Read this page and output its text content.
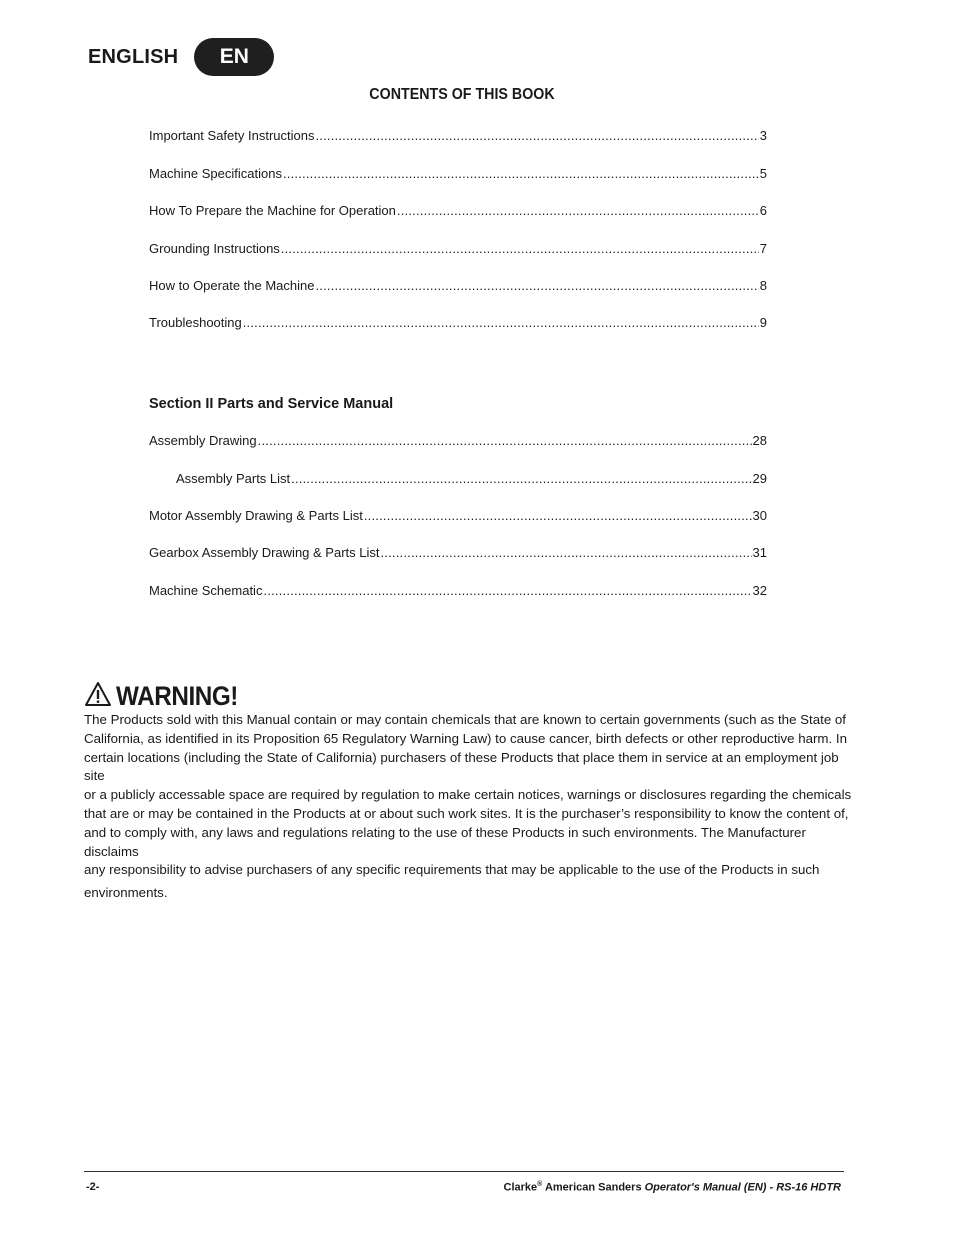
ENGLISH	EN
CONTENTS OF THIS BOOK
Important Safety Instructions .....	3
Machine Specifications .....	5
How To Prepare the Machine for Operation .....	6
Grounding Instructions .....	7
How to Operate the Machine .....	8
Troubleshooting .....	9
Section II Parts and Service Manual
Assembly Drawing .....	28
Assembly Parts List .....	29
Motor Assembly Drawing & Parts List .....	30
Gearbox Assembly Drawing & Parts List .....	31
Machine Schematic .....	32
WARNING!
The Products sold with this Manual contain or may contain chemicals that are known to certain governments (such as the State of
California, as identified in its Proposition 65 Regulatory Warning Law) to cause cancer, birth defects or other reproductive harm. In
certain locations (including the State of California) purchasers of these Products that place them in service at an employment job site
or a publicly accessable space are required by regulation to make certain notices, warnings or disclosures regarding the chemicals
that are or may be contained in the Products at or about such work sites. It is the purchaser’s responsibility to know the content of,
and to comply with, any laws and regulations relating to the use of these Products in such environments. The Manufacturer disclaims
any responsibility to advise purchasers of any specific requirements that may be applicable to the use of the Products in such
environments.
-2-	Clarke® American Sanders Operator's Manual (EN) - RS-16 HDTR
